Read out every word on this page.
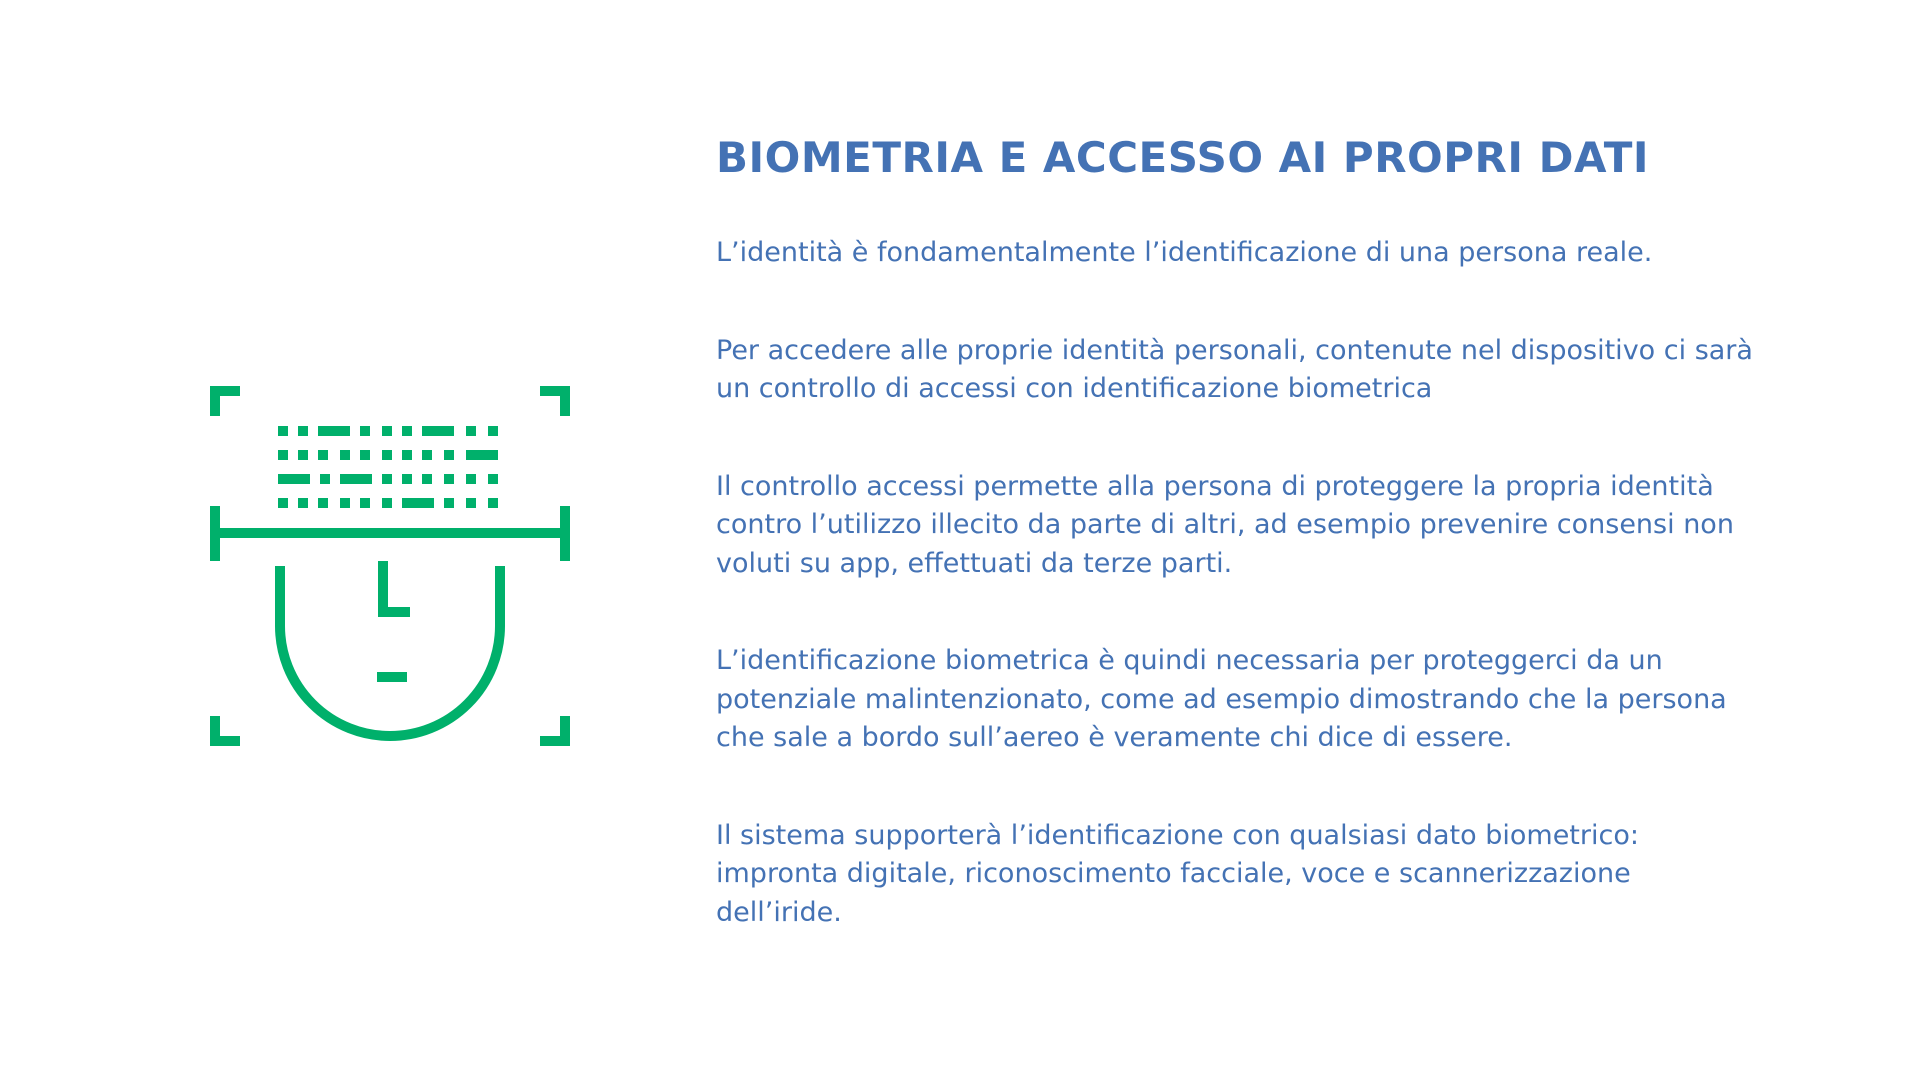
BIOMETRIA E ACCESSO AI PROPRI DATI

L’identità è fondamentalmente l’identificazione di una persona reale.

Per accedere alle proprie identità personali, contenute nel dispositivo ci sarà un controllo di accessi con identificazione biometrica

Il controllo accessi permette alla persona di proteggere la propria identità contro l’utilizzo illecito da parte di altri, ad esempio prevenire consensi non voluti su app, effettuati da terze parti.

L’identificazione biometrica è quindi necessaria per proteggerci da un potenziale malintenzionato, come ad esempio dimostrando che la persona che sale a bordo sull’aereo è veramente chi dice di essere.

Il sistema supporterà l’identificazione con qualsiasi dato biometrico: impronta digitale, riconoscimento facciale, voce e scannerizzazione dell’iride.
